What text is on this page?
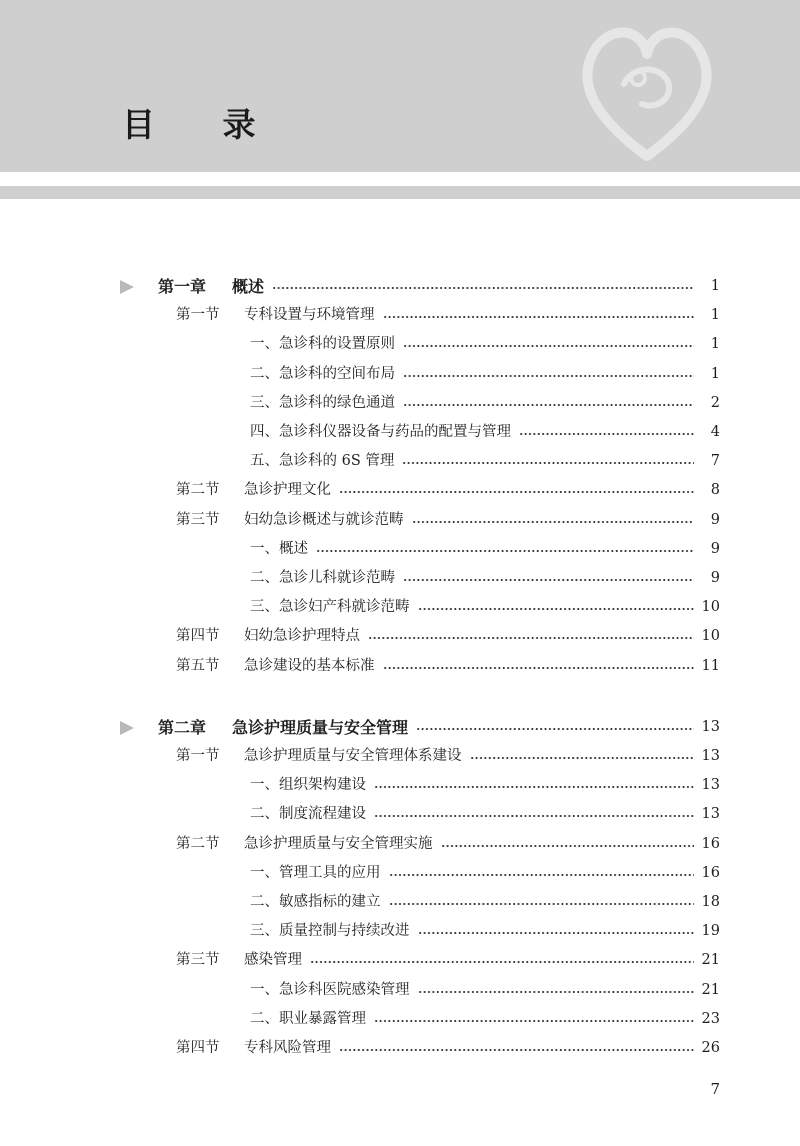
目 录
第一章 概述	1
第一节 专科设置与环境管理	1
一、急诊科的设置原则	1
二、急诊科的空间布局	1
三、急诊科的绿色通道	2
四、急诊科仪器设备与药品的配置与管理	4
五、急诊科的 6S 管理	7
第二节 急诊护理文化	8
第三节 妇幼急诊概述与就诊范畴	9
一、概述	9
二、急诊儿科就诊范畴	9
三、急诊妇产科就诊范畴	10
第四节 妇幼急诊护理特点	10
第五节 急诊建设的基本标准	11
第二章 急诊护理质量与安全管理	13
第一节 急诊护理质量与安全管理体系建设	13
一、组织架构建设	13
二、制度流程建设	13
第二节 急诊护理质量与安全管理实施	16
一、管理工具的应用	16
二、敏感指标的建立	18
三、质量控制与持续改进	19
第三节 感染管理	21
一、急诊科医院感染管理	21
二、职业暴露管理	23
第四节 专科风险管理	26
7
